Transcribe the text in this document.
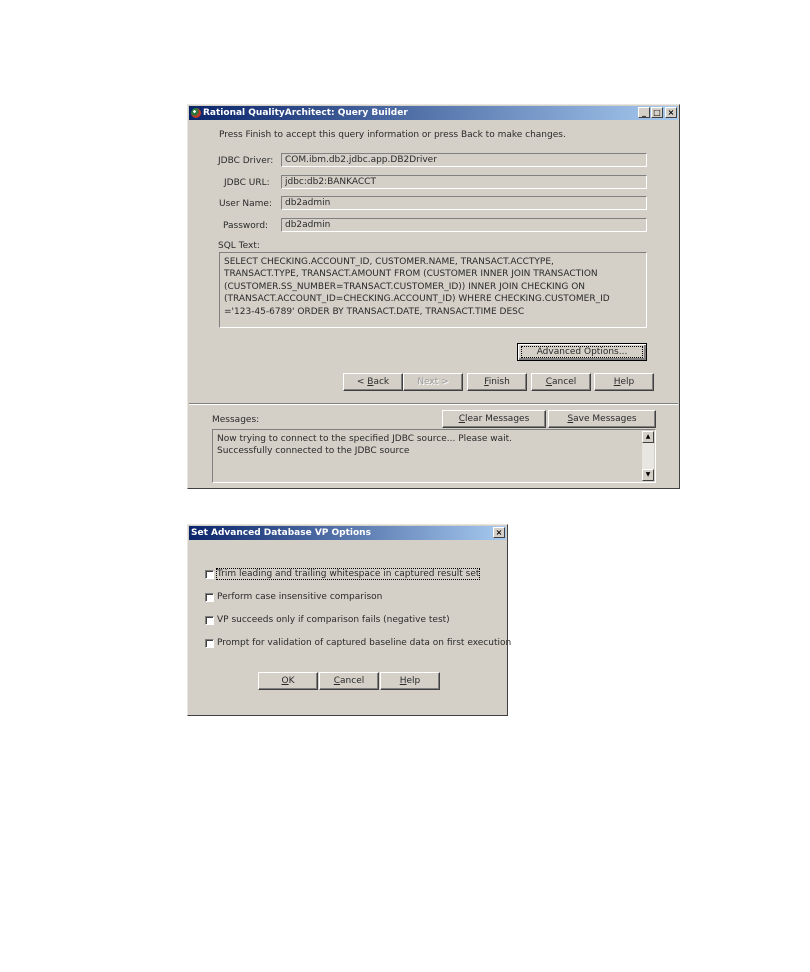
Rational QualityArchitect: Query Builder	_ □ ×
Press Finish to accept this query information or press Back to make changes.
JDBC Driver:	COM.ibm.db2.jdbc.app.DB2Driver
JDBC URL:	jdbc:db2:BANKACCT
User Name:	db2admin
Password:	db2admin
SQL Text:
SELECT CHECKING.ACCOUNT_ID, CUSTOMER.NAME, TRANSACT.ACCTYPE,
TRANSACT.TYPE, TRANSACT.AMOUNT FROM (CUSTOMER INNER JOIN TRANSACTION
(CUSTOMER.SS_NUMBER=TRANSACT.CUSTOMER_ID)) INNER JOIN CHECKING ON
(TRANSACT.ACCOUNT_ID=CHECKING.ACCOUNT_ID) WHERE CHECKING.CUSTOMER_ID
='123-45-6789' ORDER BY TRANSACT.DATE, TRANSACT.TIME DESC
Advanced Options...
< Back	Next >	Finish	Cancel	Help
Messages:	Clear Messages	Save Messages
Now trying to connect to the specified JDBC source... Please wait.
Successfully connected to the JDBC source
▲
▼
Set Advanced Database VP Options	×
Trim leading and trailing whitespace in captured result set
Perform case insensitive comparison
VP succeeds only if comparison fails (negative test)
Prompt for validation of captured baseline data on first execution
OK	Cancel	Help
